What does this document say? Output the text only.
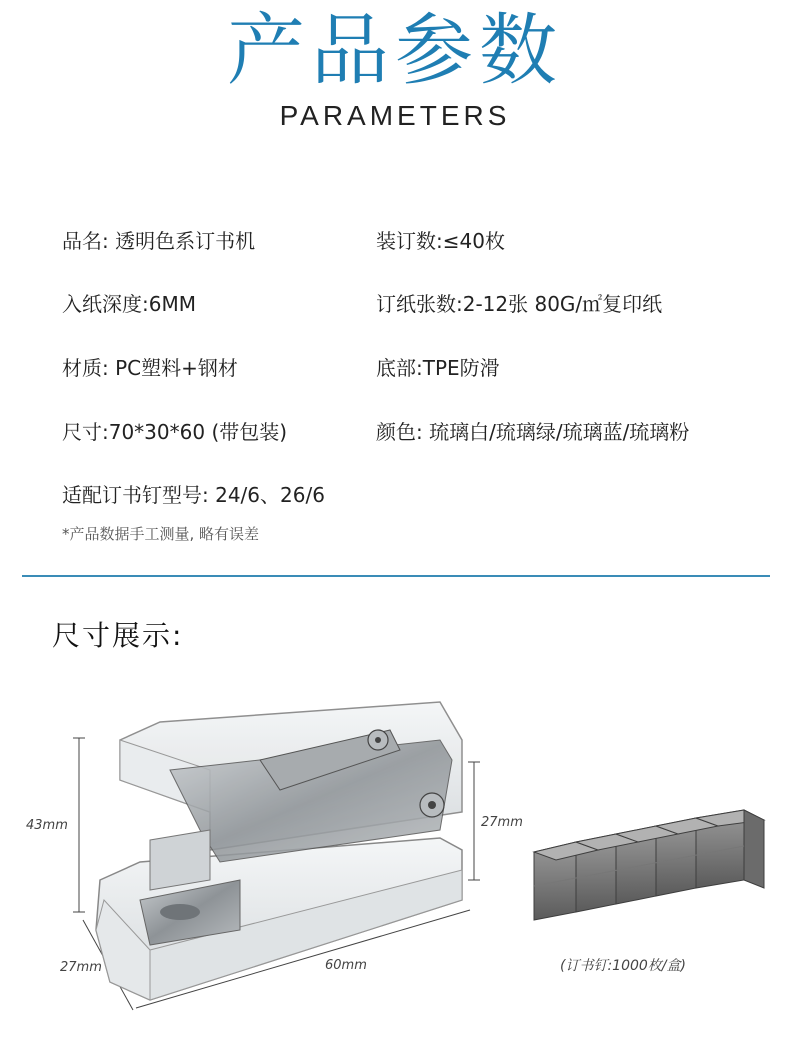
产品参数
PARAMETERS
品名: 透明色系订书机	装订数:≤40枚
入纸深度:6MM	订纸张数:2-12张 80G/㎡复印纸
材质: PC塑料+钢材	底部:TPE防滑
尺寸:70*30*60 (带包装)	颜色: 琉璃白/琉璃绿/琉璃蓝/琉璃粉
适配订书钉型号: 24/6、26/6
*产品数据手工测量, 略有误差
尺寸展示:
43mm	27mm
27mm	60mm	(订书钉:1000枚/盒)
